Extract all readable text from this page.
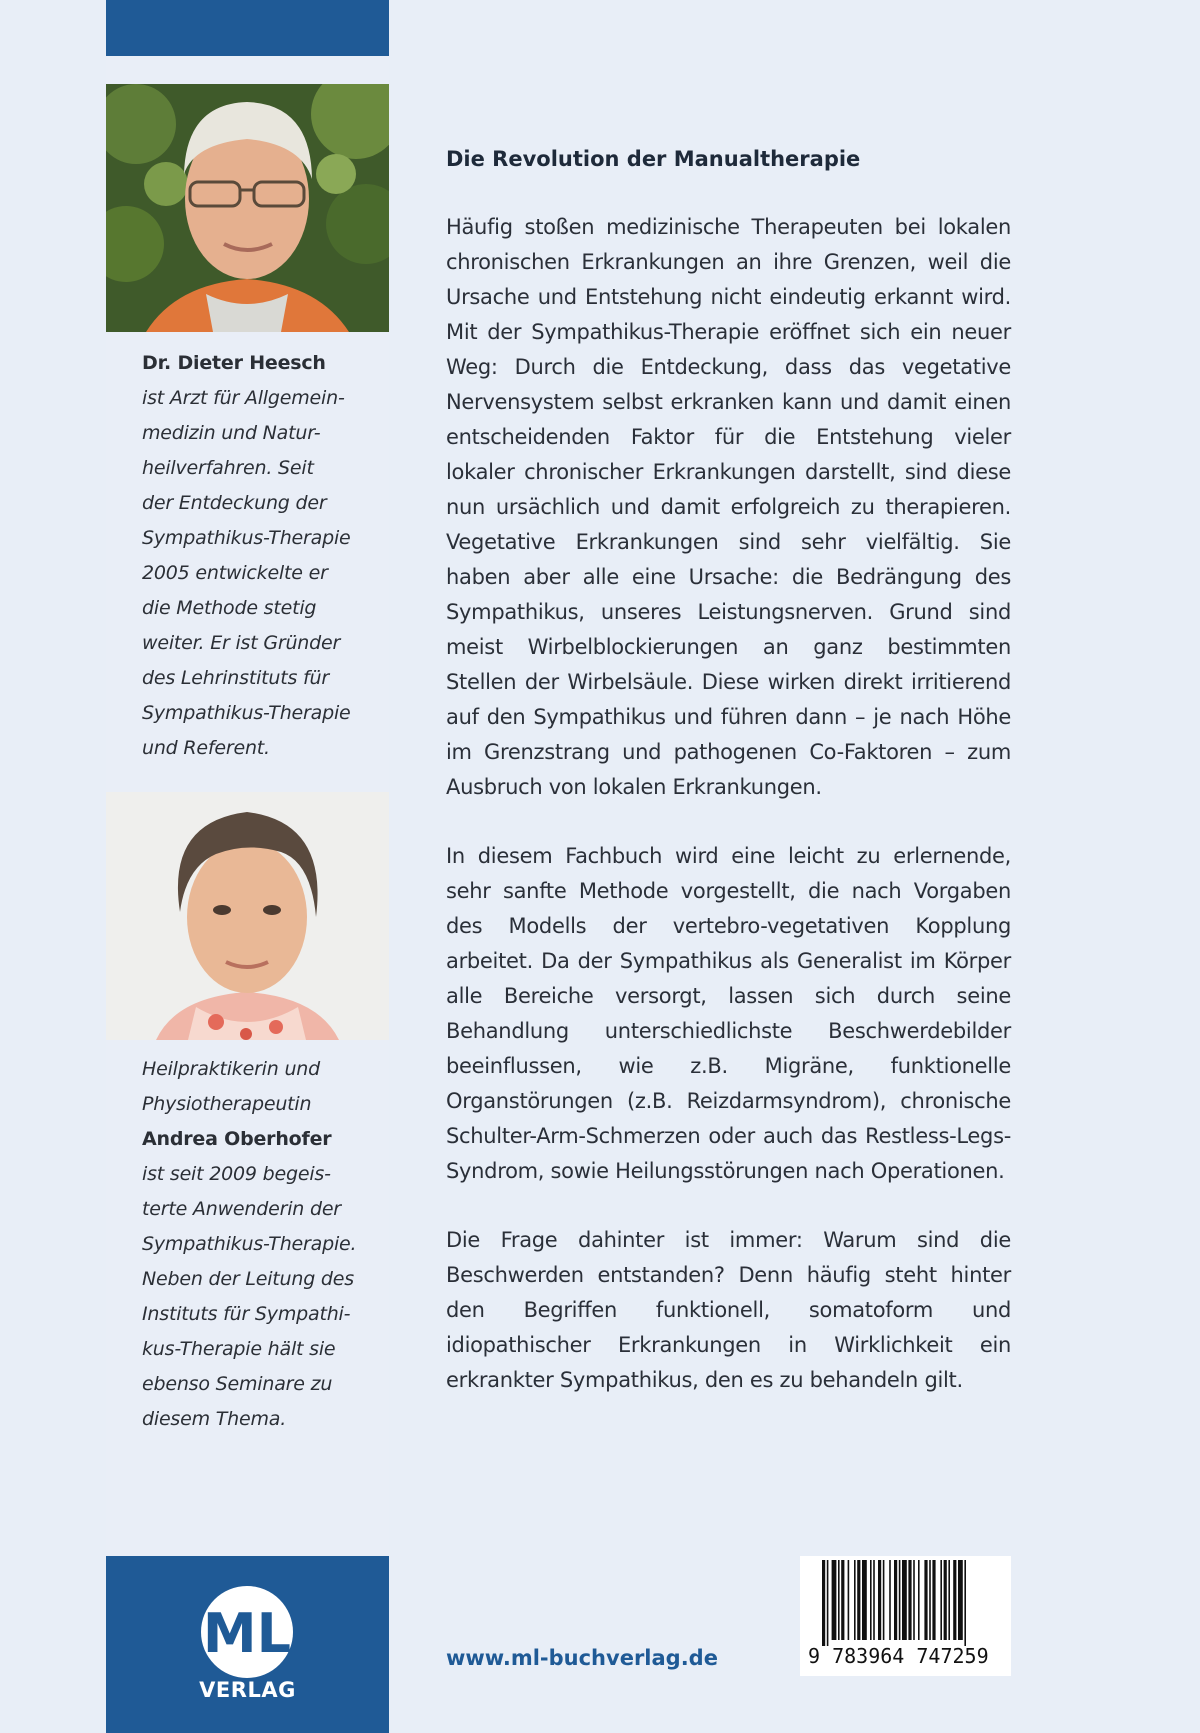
Dr. Dieter Heesch
ist Arzt für Allgemein-
medizin und Natur-
heilverfahren. Seit
der Entdeckung der
Sympathikus-Therapie
2005 entwickelte er
die Methode stetig
weiter. Er ist Gründer
des Lehrinstituts für
Sympathikus-Therapie
und Referent.
Heilpraktikerin und
Physiotherapeutin
Andrea Oberhofer
ist seit 2009 begeis-
terte Anwenderin der
Sympathikus-Therapie.
Neben der Leitung des
Instituts für Sympathi-
kus-Therapie hält sie
ebenso Seminare zu
diesem Thema.
ML
VERLAG
Die Revolution der Manualtherapie

Häufig stoßen medizinische Therapeuten bei lokalen chronischen Erkrankungen an ihre Grenzen, weil die Ursache und Entstehung nicht eindeutig erkannt wird. Mit der Sympathikus-Therapie eröffnet sich ein neuer Weg: Durch die Entdeckung, dass das vegetative Nervensystem selbst erkranken kann und damit einen entscheidenden Faktor für die Entstehung vieler lokaler chronischer Erkrankungen darstellt, sind diese nun ursächlich und damit erfolgreich zu therapieren. Vegetative Erkrankungen sind sehr vielfältig. Sie haben aber alle eine Ursache: die Bedrängung des Sympathikus, unseres Leistungsnerven. Grund sind meist Wirbelblockierungen an ganz bestimmten Stellen der Wirbelsäule. Diese wirken direkt irritierend auf den Sympathikus und führen dann – je nach Höhe im Grenzstrang und pathogenen Co-Faktoren – zum Ausbruch von lokalen Erkrankungen.

In diesem Fachbuch wird eine leicht zu erlernende, sehr sanfte Methode vorgestellt, die nach Vorgaben des Modells der vertebro-vegetativen Kopplung arbeitet. Da der Sympathikus als Generalist im Körper alle Bereiche versorgt, lassen sich durch seine Behandlung unterschiedlichste Beschwerdebilder beeinflussen, wie z.B. Migräne, funktionelle Organstörungen (z.B. Reizdarmsyndrom), chronische Schulter-Arm-Schmerzen oder auch das Restless-Legs-Syndrom, sowie Heilungsstörungen nach Operationen.

Die Frage dahinter ist immer: Warum sind die Beschwerden entstanden? Denn häufig steht hinter den Begriffen funktionell, somatoform und idiopathischer Erkrankungen in Wirklichkeit ein erkrankter Sympathikus, den es zu behandeln gilt.

www.ml-buchverlag.de	9 783964 747259
